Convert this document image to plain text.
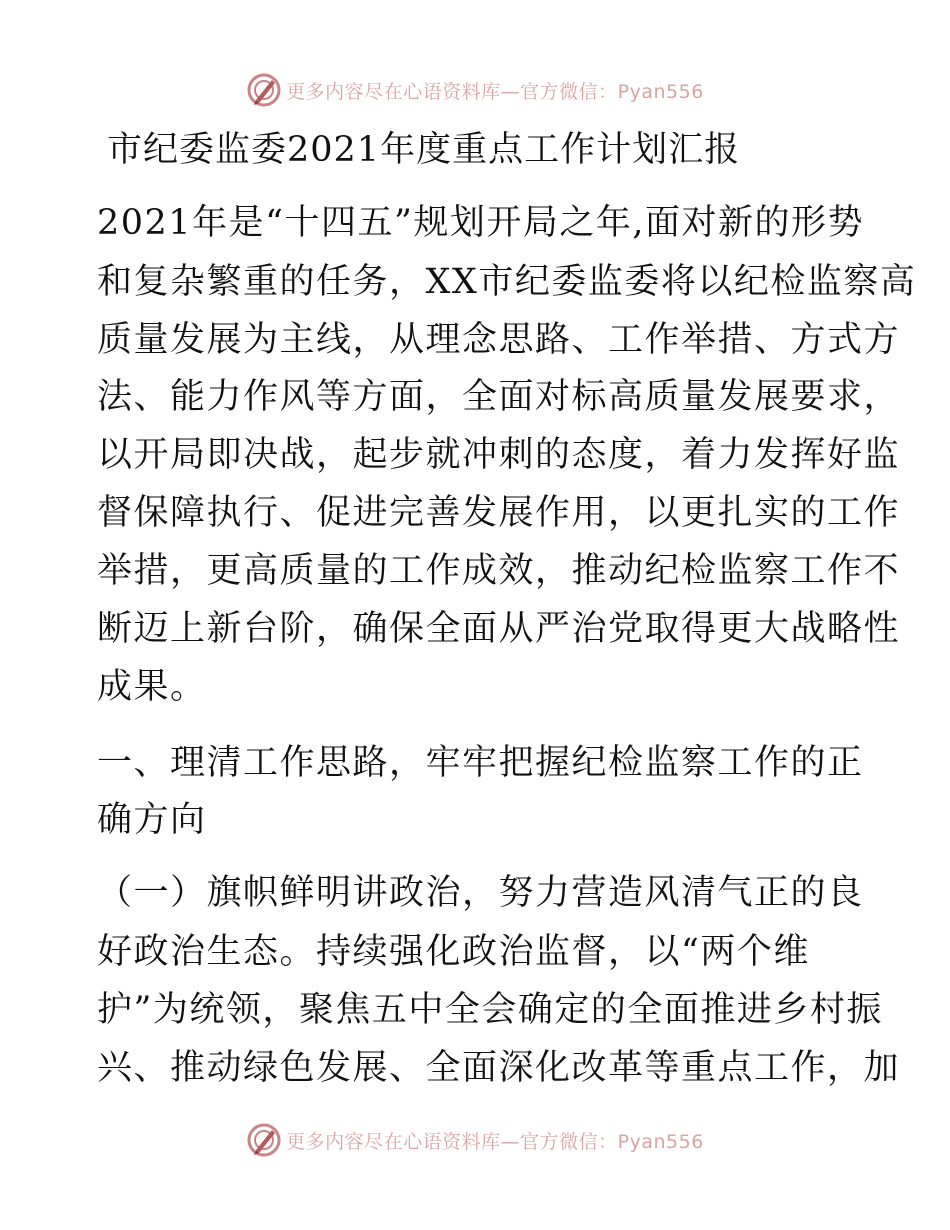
更多内容尽在心语资料库—官方微信：Pyan556
市纪委监委2021年度重点工作计划汇报
2021年是“十四五”规划开局之年,面对新的形势
和复杂繁重的任务，XX市纪委监委将以纪检监察高
质量发展为主线，从理念思路、工作举措、方式方
法、能力作风等方面，全面对标高质量发展要求，
以开局即决战，起步就冲刺的态度，着力发挥好监
督保障执行、促进完善发展作用，以更扎实的工作
举措，更高质量的工作成效，推动纪检监察工作不
断迈上新台阶，确保全面从严治党取得更大战略性
成果。
一、理清工作思路，牢牢把握纪检监察工作的正
确方向
（一）旗帜鲜明讲政治，努力营造风清气正的良
好政治生态。持续强化政治监督，以“两个维
护”为统领，聚焦五中全会确定的全面推进乡村振
兴、推动绿色发展、全面深化改革等重点工作，加
更多内容尽在心语资料库—官方微信：Pyan556
